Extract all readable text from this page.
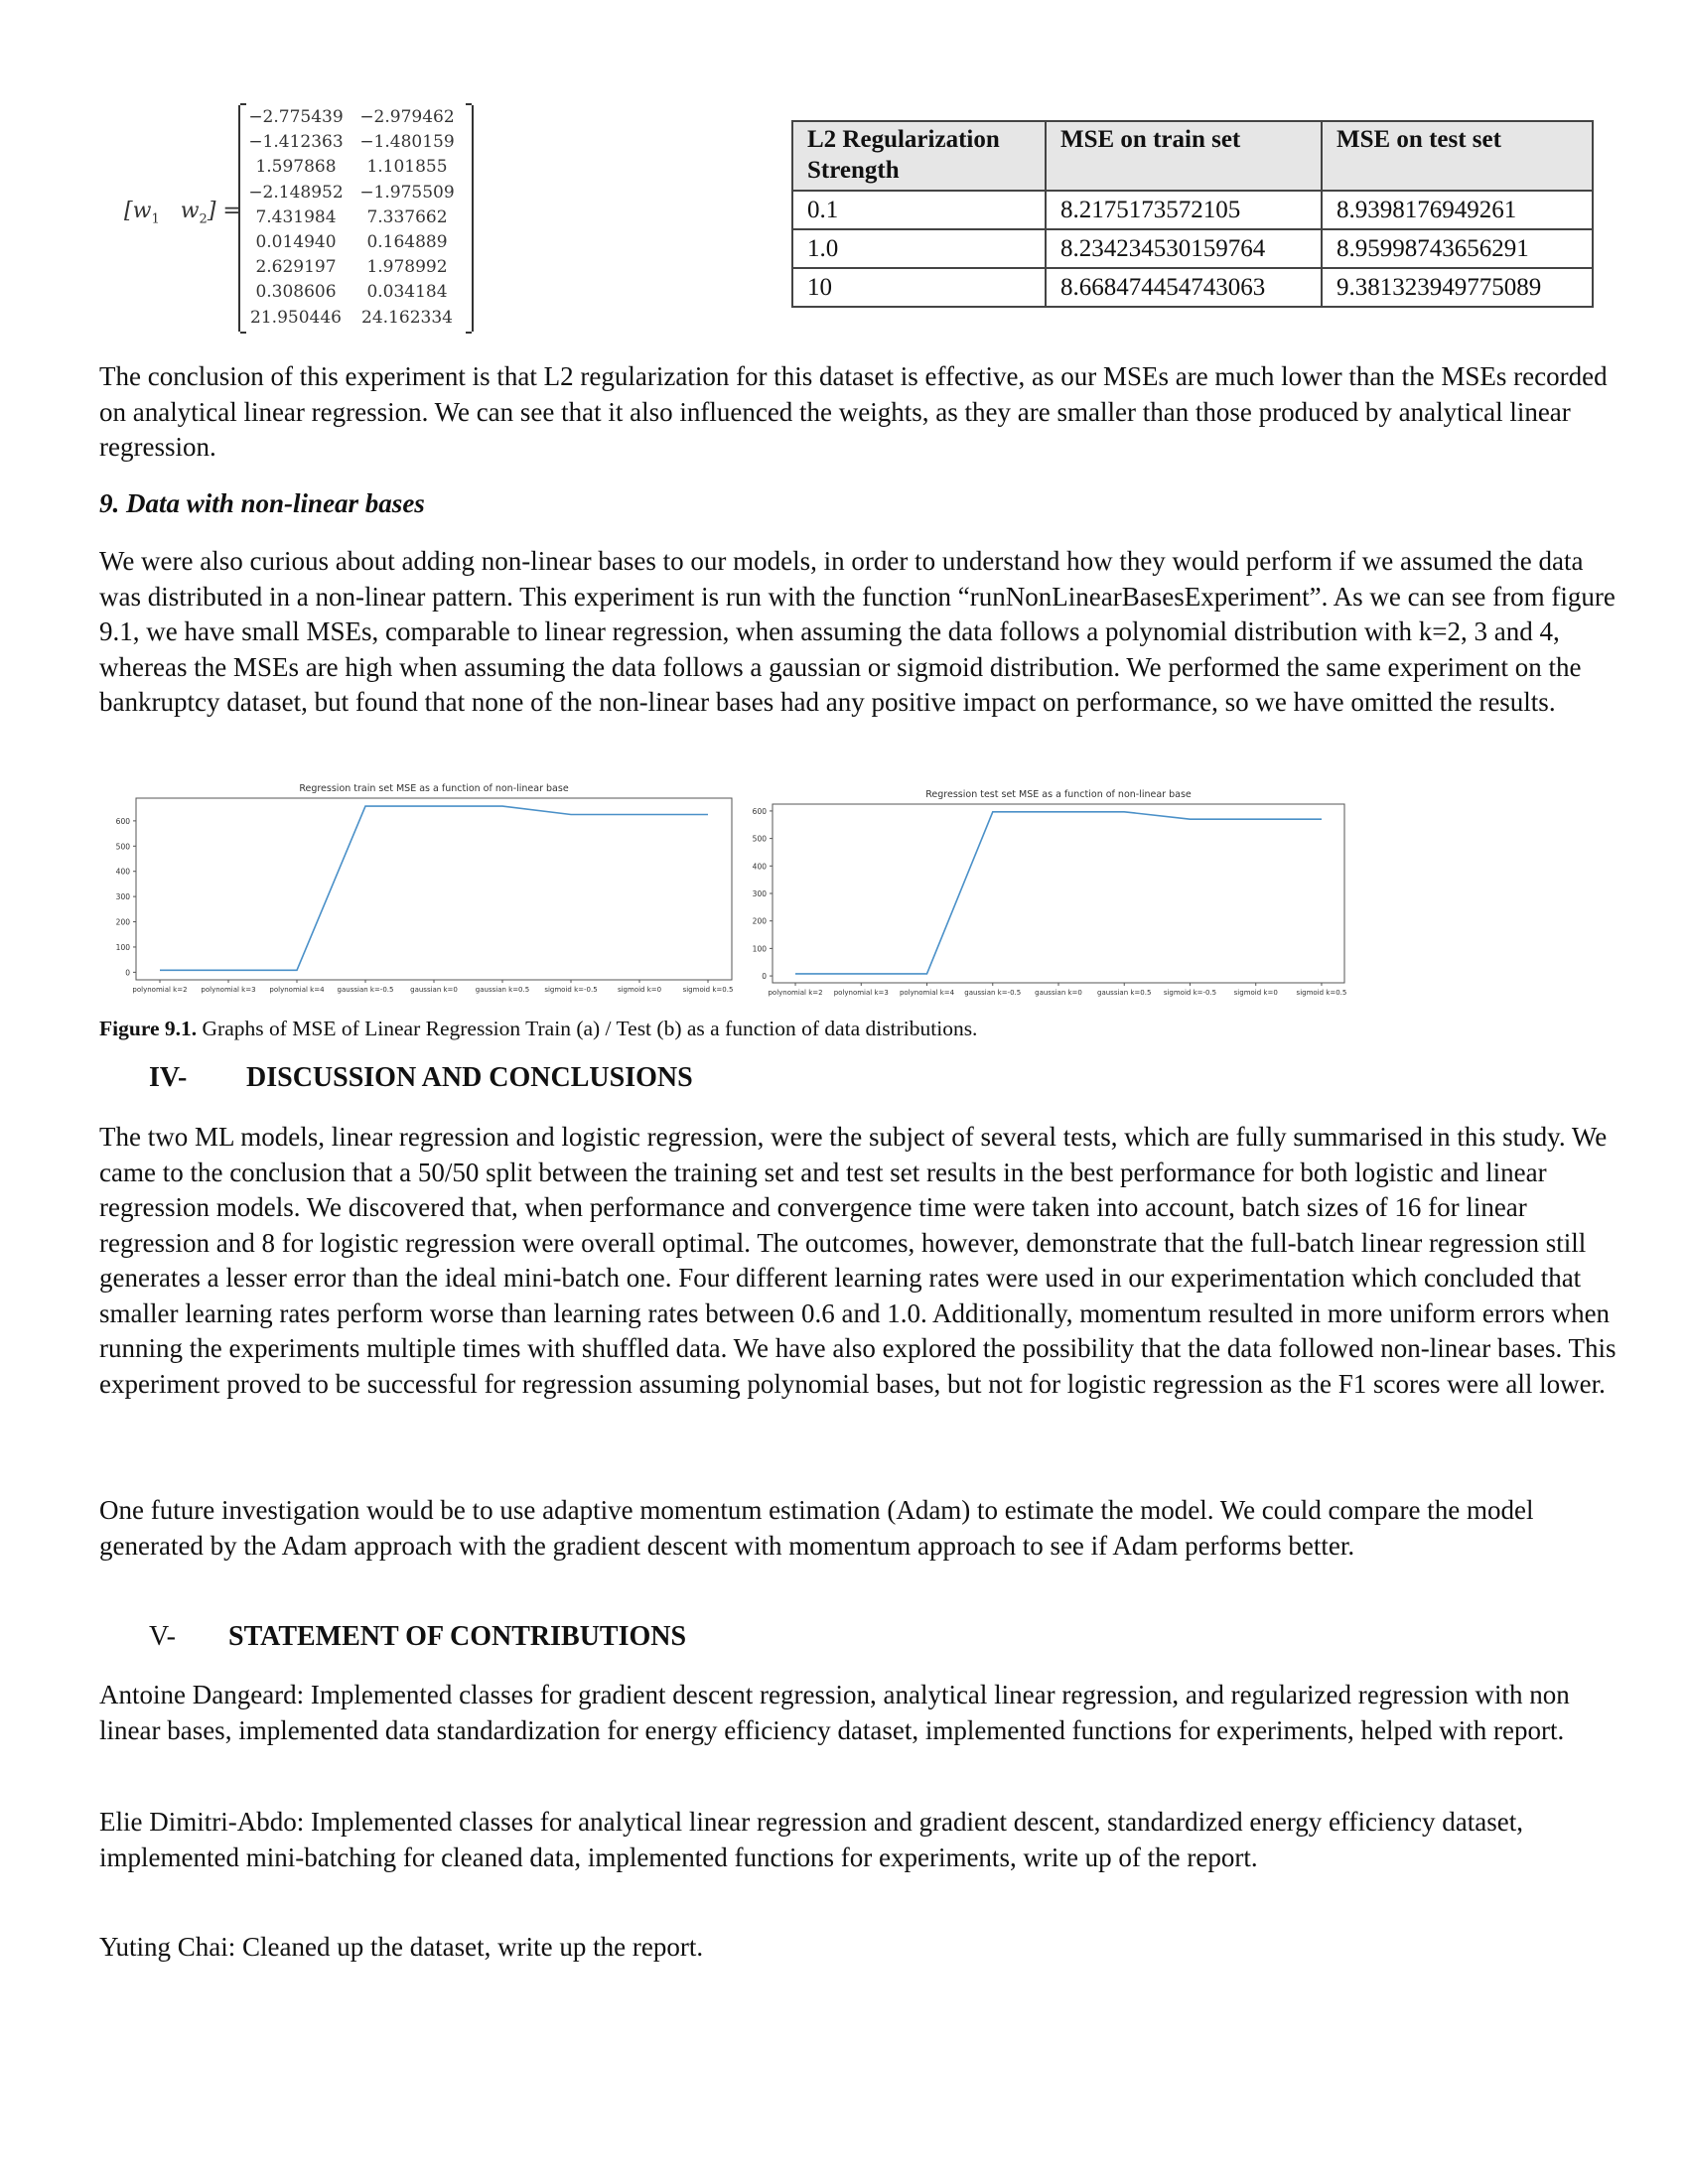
[$w_1$ $w_2$] =
−2.775439 −2.979462
−1.412363 −1.480159
1.597868	1.101855
−2.148952 −1.975509
7.431984	7.337662
0.014940	0.164889
2.629197	1.978992
0.308606	0.034184
21.950446	24.162334
L2 Regularization Strength	MSE on train set	MSE on test set
0.1	8.2175173572105	8.9398176949261
1.0	8.234234530159764	8.95998743656291
10	8.668474454743063	9.381323949775089

The conclusion of this experiment is that L2 regularization for this dataset is effective, as our MSEs are much lower than the MSEs recorded on analytical linear regression. We can see that it also influenced the weights, as they are smaller than those produced by analytical linear regression.

9. Data with non-linear bases

We were also curious about adding non-linear bases to our models, in order to understand how they would perform if we assumed the data was distributed in a non-linear pattern. This experiment is run with the function “runNonLinearBasesExperiment”. As we can see from figure 9.1, we have small MSEs, comparable to linear regression, when assuming the data follows a polynomial distribution with k=2, 3 and 4, whereas the MSEs are high when assuming the data follows a gaussian or sigmoid distribution. We performed the same experiment on the bankruptcy dataset, but found that none of the non-linear bases had any positive impact on performance, so we have omitted the results.

Regression train set MSE as a function of non-linear base
0
100
200
300
400
500
600
polynomial k=2 polynomial k=3 polynomial k=4 gaussian k=-0.5 gaussian k=0	gaussian k=0.5 sigmoid k=-0.5	sigmoid k=0	sigmoid k=0.5
Regression test set MSE as a function of non-linear base
0
100
200
300
400
500
600
polynomial k=2 polynomial k=3 polynomial k=4 gaussian k=-0.5 gaussian k=0 gaussian k=0.5 sigmoid k=-0.5	sigmoid k=0	sigmoid k=0.5
Figure 9.1. Graphs of MSE of Linear Regression Train (a) / Test (b) as a function of data distributions.
IV- DISCUSSION AND CONCLUSIONS

The two ML models, linear regression and logistic regression, were the subject of several tests, which are fully summarised in this study. We came to the conclusion that a 50/50 split between the training set and test set results in the best performance for both logistic and linear regression models. We discovered that, when performance and convergence time were taken into account, batch sizes of 16 for linear regression and 8 for logistic regression were overall optimal. The outcomes, however, demonstrate that the full-batch linear regression still generates a lesser error than the ideal mini-batch one. Four different learning rates were used in our experimentation which concluded that smaller learning rates perform worse than learning rates between 0.6 and 1.0. Additionally, momentum resulted in more uniform errors when running the experiments multiple times with shuffled data. We have also explored the possibility that the data followed non-linear bases. This experiment proved to be successful for regression assuming polynomial bases, but not for logistic regression as the F1 scores were all lower.

One future investigation would be to use adaptive momentum estimation (Adam) to estimate the model. We could compare the model generated by the Adam approach with the gradient descent with momentum approach to see if Adam performs better.

V- STATEMENT OF CONTRIBUTIONS

Antoine Dangeard: Implemented classes for gradient descent regression, analytical linear regression, and regularized regression with non linear bases, implemented data standardization for energy efficiency dataset, implemented functions for experiments, helped with report.

Elie Dimitri-Abdo: Implemented classes for analytical linear regression and gradient descent, standardized energy efficiency dataset, implemented mini-batching for cleaned data, implemented functions for experiments, write up of the report.

Yuting Chai: Cleaned up the dataset, write up the report.
